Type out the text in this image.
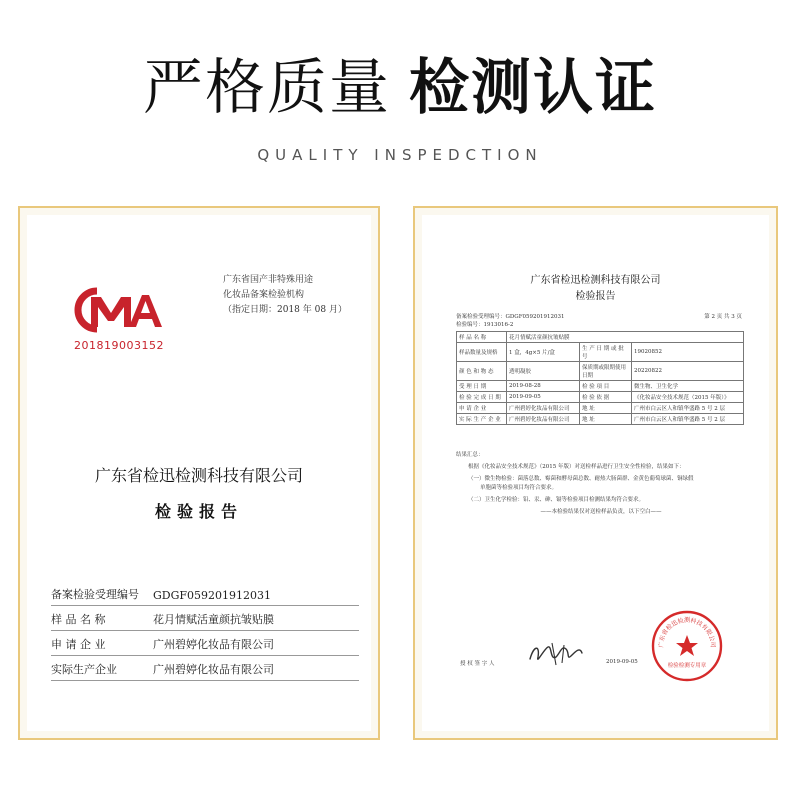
严格质量 检测认证
QUALITY INSPEDCTION
201819003152
广东省国产非特殊用途
化妆品备案检验机构
（指定日期：2018 年 08 月）
广东省检迅检测科技有限公司
检验报告
备案检验受理编号	GDGF059201912031
样 品 名 称	花月情赋活童颜抗皱贴膜
申 请 企 业	广州碧婷化妆品有限公司
实际生产企业	广州碧婷化妆品有限公司
广东省检迅检测科技有限公司
检验报告
备案检验受理编号：GDGF059201912031	第 2 页 共 3 页
检验编号：1913016-2
样 品 名 称	花月情赋活童颜抗皱贴膜		
样品数量及规格	1 盒，4g×5 片/盒	生 产 日 期 或 批 号	19020852
颜 色 和 物 态	透明凝胶	保质期或限期使用日期	20220822
受 理 日 期	2019-08-28	检 验 项 目	微生物、卫生化学
检 验 完 成 日 期	2019-09-05	检 验 依 据	《化妆品安全技术规范（2015 年版）》
申 请 企 业	广州碧婷化妆品有限公司	地 址	广州市白云区人和镇华盛路 5 号 2 层
实 际 生 产 企 业	广州碧婷化妆品有限公司	地 址	广州市白云区人和镇华盛路 5 号 2 层
结果汇总：
根据《化妆品安全技术规范》（2015 年版）对送检样品进行卫生安全性检验，结果如下：
（一）微生物检验：菌落总数、霉菌和酵母菌总数、耐热大肠菌群、金黄色葡萄球菌、铜绿假
单胞菌等检验项目均符合要求。
（二）卫生化学检验：铅、汞、砷、镉等检验项目检测结果均符合要求。
——本检验结果仅对送检样品负责，以下空白——
授 权 签 字 人	2019-09-05
广东省检迅检测科技有限公司
检验检测专用章
